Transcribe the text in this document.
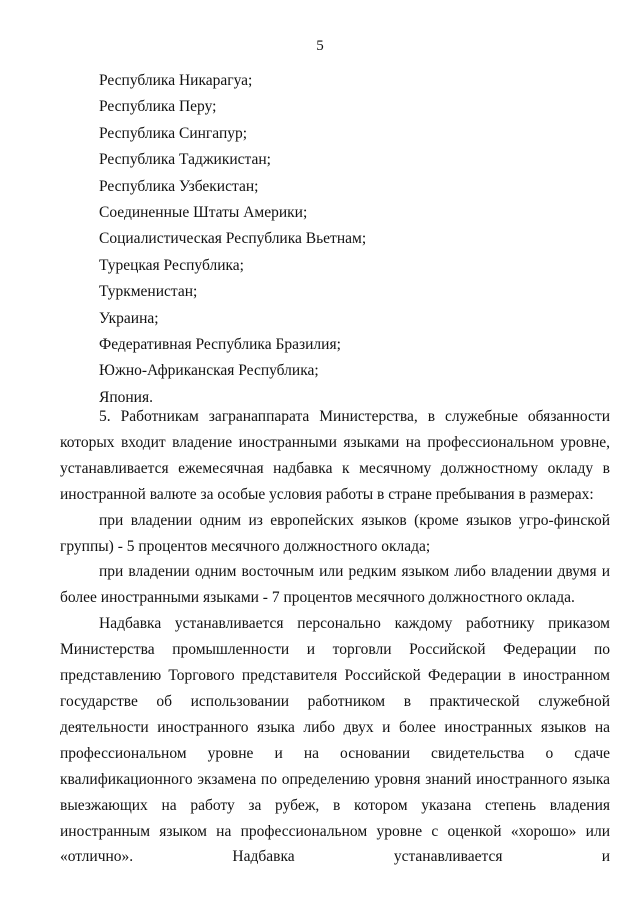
5
Республика Никарагуа;
Республика Перу;
Республика Сингапур;
Республика Таджикистан;
Республика Узбекистан;
Соединенные Штаты Америки;
Социалистическая Республика Вьетнам;
Турецкая Республика;
Туркменистан;
Украина;
Федеративная Республика Бразилия;
Южно-Африканская Республика;
Япония.

5. Работникам загранаппарата Министерства, в служебные обязанности которых входит владение иностранными языками на профессиональном уровне, устанавливается ежемесячная надбавка к месячному должностному окладу в иностранной валюте за особые условия работы в стране пребывания в размерах:

при владении одним из европейских языков (кроме языков угро-финской группы) - 5 процентов месячного должностного оклада;

при владении одним восточным или редким языком либо владении двумя и более иностранными языками - 7 процентов месячного должностного оклада.

Надбавка устанавливается персонально каждому работнику приказом Министерства промышленности и торговли Российской Федерации по представлению Торгового представителя Российской Федерации в иностранном государстве об использовании работником в практической служебной деятельности иностранного языка либо двух и более иностранных языков на профессиональном уровне и на основании свидетельства о сдаче квалификационного экзамена по определению уровня знаний иностранного языка выезжающих на работу за рубеж, в котором указана степень владения иностранным языком на профессиональном уровне с оценкой «хорошо» или «отлично». Надбавка устанавливается и
